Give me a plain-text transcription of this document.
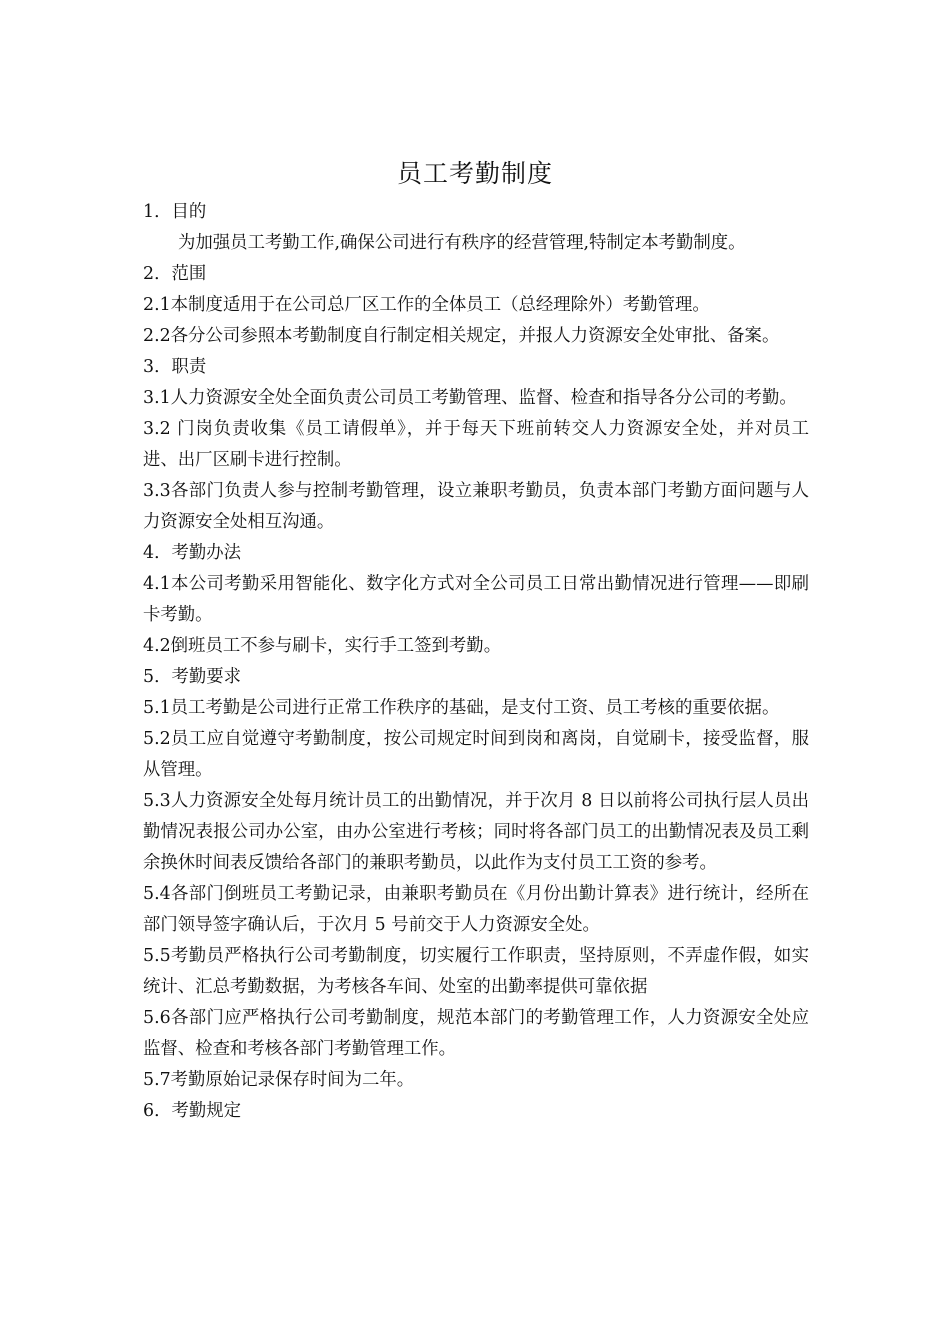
员工考勤制度

1．目的

为加强员工考勤工作,确保公司进行有秩序的经营管理,特制定本考勤制度。

2．范围

2.1本制度适用于在公司总厂区工作的全体员工（总经理除外）考勤管理。

2.2各分公司参照本考勤制度自行制定相关规定，并报人力资源安全处审批、备案。

3．职责

3.1人力资源安全处全面负责公司员工考勤管理、监督、检查和指导各分公司的考勤。

3.2 门岗负责收集《员工请假单》，并于每天下班前转交人力资源安全处，并对员工进、出厂区刷卡进行控制。

3.3各部门负责人参与控制考勤管理，设立兼职考勤员，负责本部门考勤方面问题与人力资源安全处相互沟通。

4．考勤办法

4.1本公司考勤采用智能化、数字化方式对全公司员工日常出勤情况进行管理——即刷卡考勤。

4.2倒班员工不参与刷卡，实行手工签到考勤。

5．考勤要求

5.1员工考勤是公司进行正常工作秩序的基础，是支付工资、员工考核的重要依据。

5.2员工应自觉遵守考勤制度，按公司规定时间到岗和离岗，自觉刷卡，接受监督，服从管理。

5.3人力资源安全处每月统计员工的出勤情况，并于次月 8 日以前将公司执行层人员出勤情况表报公司办公室，由办公室进行考核；同时将各部门员工的出勤情况表及员工剩余换休时间表反馈给各部门的兼职考勤员，以此作为支付员工工资的参考。

5.4各部门倒班员工考勤记录，由兼职考勤员在《月份出勤计算表》进行统计，经所在部门领导签字确认后，于次月 5 号前交于人力资源安全处。

5.5考勤员严格执行公司考勤制度，切实履行工作职责，坚持原则，不弄虚作假，如实统计、汇总考勤数据，为考核各车间、处室的出勤率提供可靠依据

5.6各部门应严格执行公司考勤制度，规范本部门的考勤管理工作，人力资源安全处应监督、检查和考核各部门考勤管理工作。

5.7考勤原始记录保存时间为二年。

6．考勤规定
